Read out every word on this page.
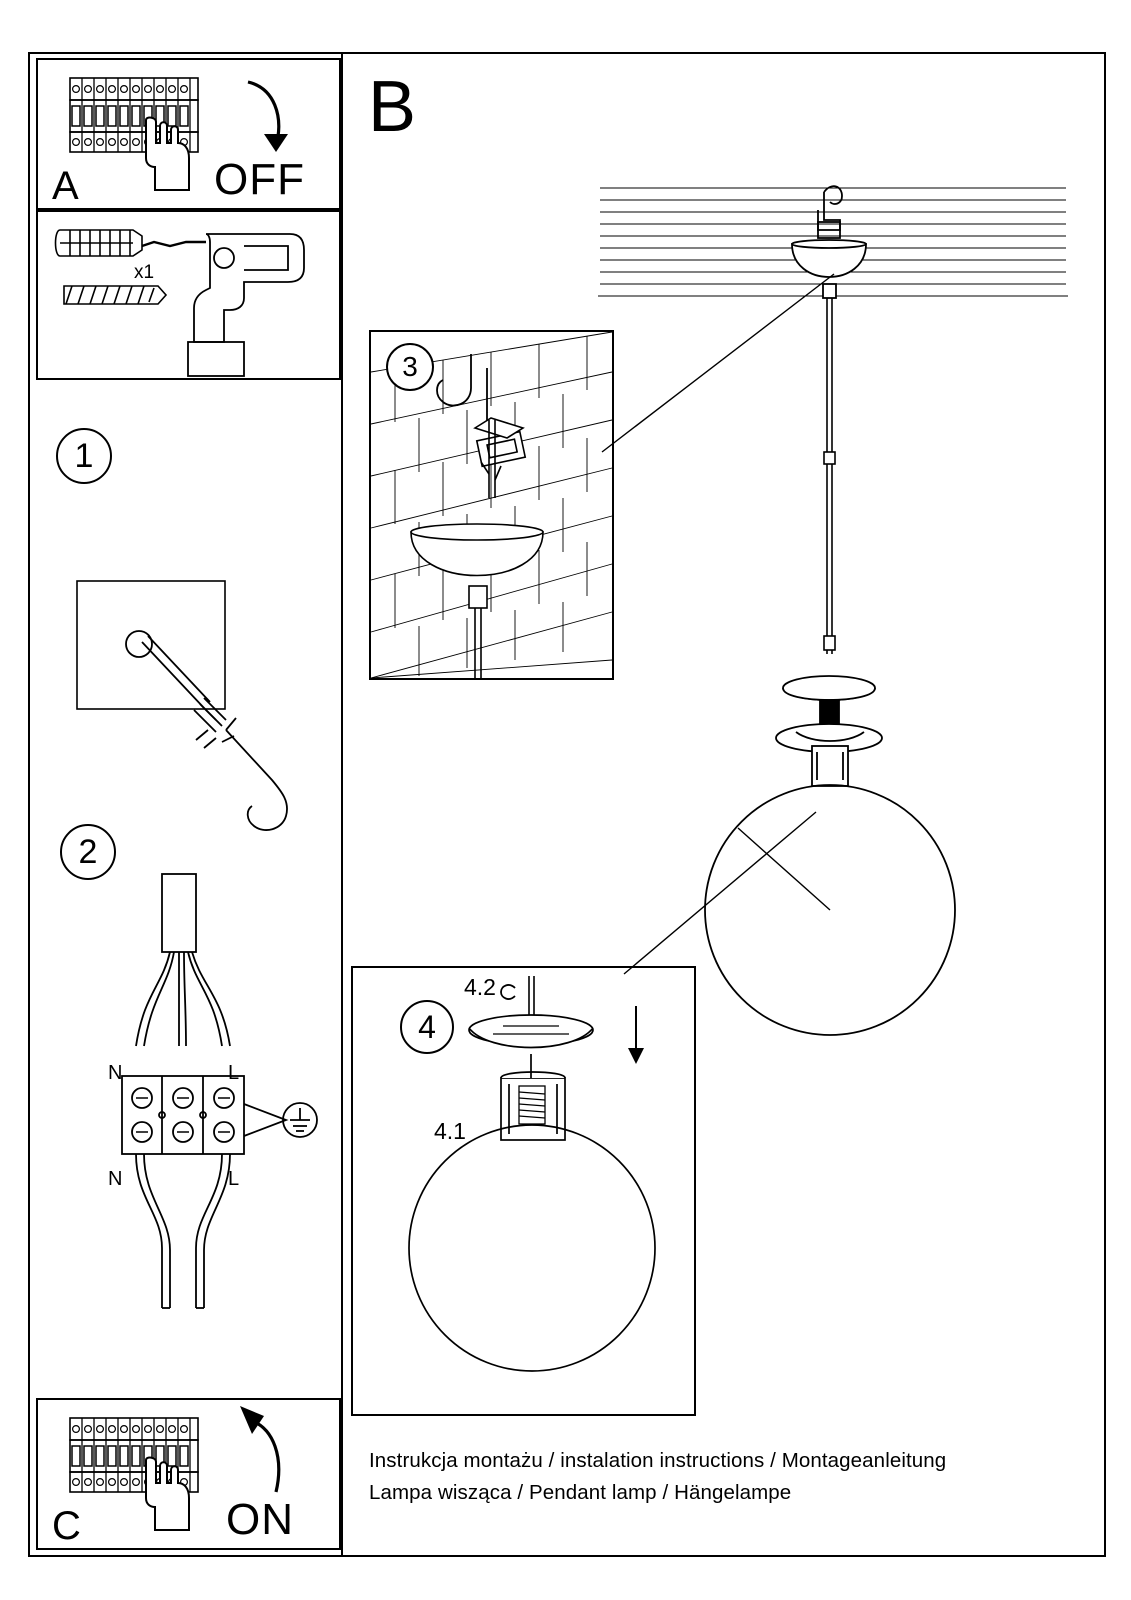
A	OFF
x1
1
2
N	L
N	L
C	ON
B
3
4
4.2
4.1
Instrukcja montażu / instalation instructions / Montageanleitung
Lampa wisząca / Pendant lamp / Hängelampe
